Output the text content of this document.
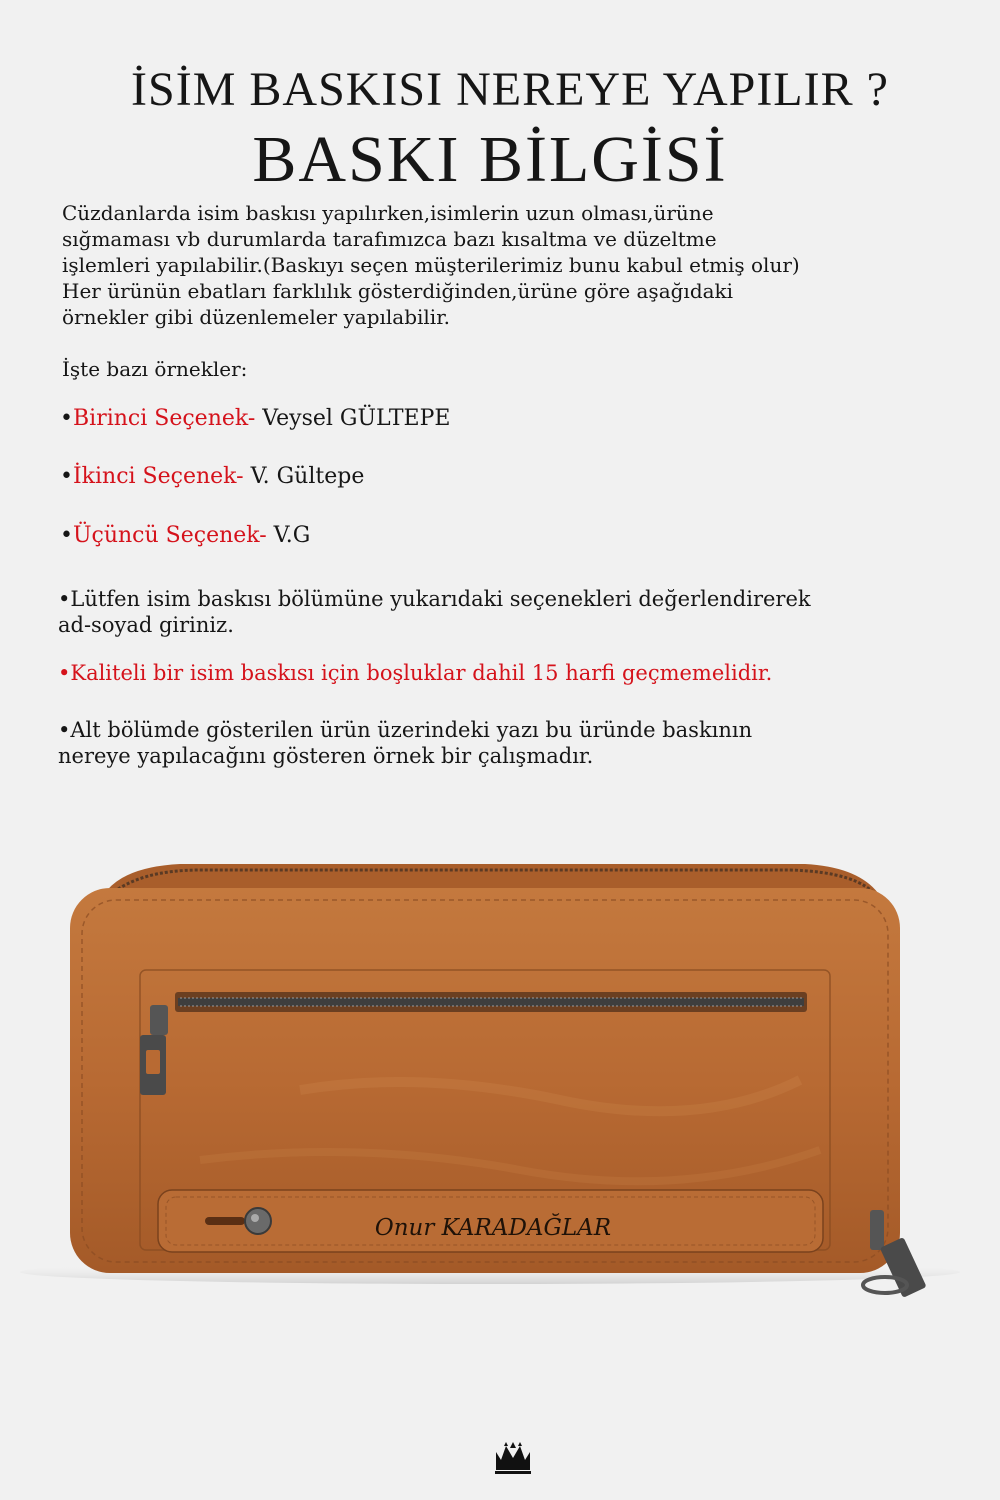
İSİM BASKISI NEREYE YAPILIR ?
BASKI BİLGİSİ
Cüzdanlarda isim baskısı yapılırken,isimlerin uzun olması,ürüne
sığmaması vb durumlarda tarafımızca bazı kısaltma ve düzeltme
işlemleri yapılabilir.(Baskıyı seçen müşterilerimiz bunu kabul etmiş olur)
Her ürünün ebatları farklılık gösterdiğinden,ürüne göre aşağıdaki
örnekler gibi düzenlemeler yapılabilir.
İşte bazı örnekler:
•Birinci Seçenek- Veysel GÜLTEPE
•İkinci Seçenek- V. Gültepe
•Üçüncü Seçenek- V.G
•Lütfen isim baskısı bölümüne yukarıdaki seçenekleri değerlendirerek
ad-soyad giriniz.
•Kaliteli bir isim baskısı için boşluklar dahil 15 harfi geçmemelidir.
•Alt bölümde gösterilen ürün üzerindeki yazı bu üründe baskının
nereye yapılacağını gösteren örnek bir çalışmadır.
Onur KARADAĞLAR
